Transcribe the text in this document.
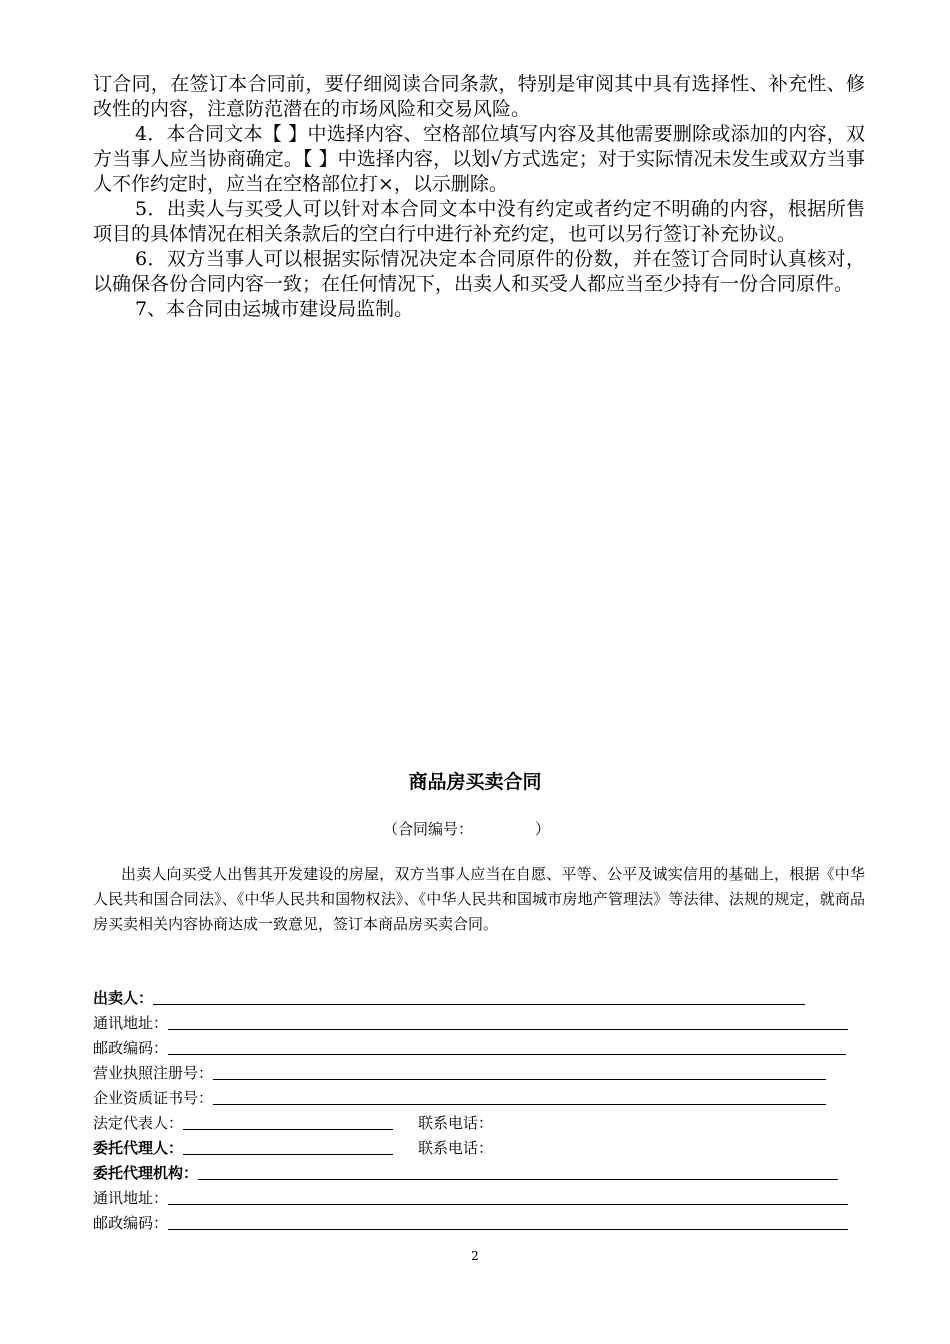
订合同，在签订本合同前，要仔细阅读合同条款，特别是审阅其中具有选择性、补充性、修改性的内容，注意防范潜在的市场风险和交易风险。

4．本合同文本【 】中选择内容、空格部位填写内容及其他需要删除或添加的内容，双方当事人应当协商确定。【 】中选择内容，以划√方式选定；对于实际情况未发生或双方当事人不作约定时，应当在空格部位打×，以示删除。

5．出卖人与买受人可以针对本合同文本中没有约定或者约定不明确的内容，根据所售项目的具体情况在相关条款后的空白行中进行补充约定，也可以另行签订补充协议。

6．双方当事人可以根据实际情况决定本合同原件的份数，并在签订合同时认真核对，以确保各份合同内容一致；在任何情况下，出卖人和买受人都应当至少持有一份合同原件。

7、本合同由运城市建设局监制。

商品房买卖合同
（合同编号：             ）

出卖人向买受人出售其开发建设的房屋，双方当事人应当在自愿、平等、公平及诚实信用的基础上，根据《中华人民共和国合同法》、《中华人民共和国物权法》、《中华人民共和国城市房地产管理法》等法律、法规的规定，就商品房买卖相关内容协商达成一致意见，签订本商品房买卖合同。

出卖人：
通讯地址：
邮政编码：
营业执照注册号：
企业资质证书号：
法定代表人：	联系电话：
委托代理人：	联系电话：
委托代理机构：
通讯地址：
邮政编码：
2
